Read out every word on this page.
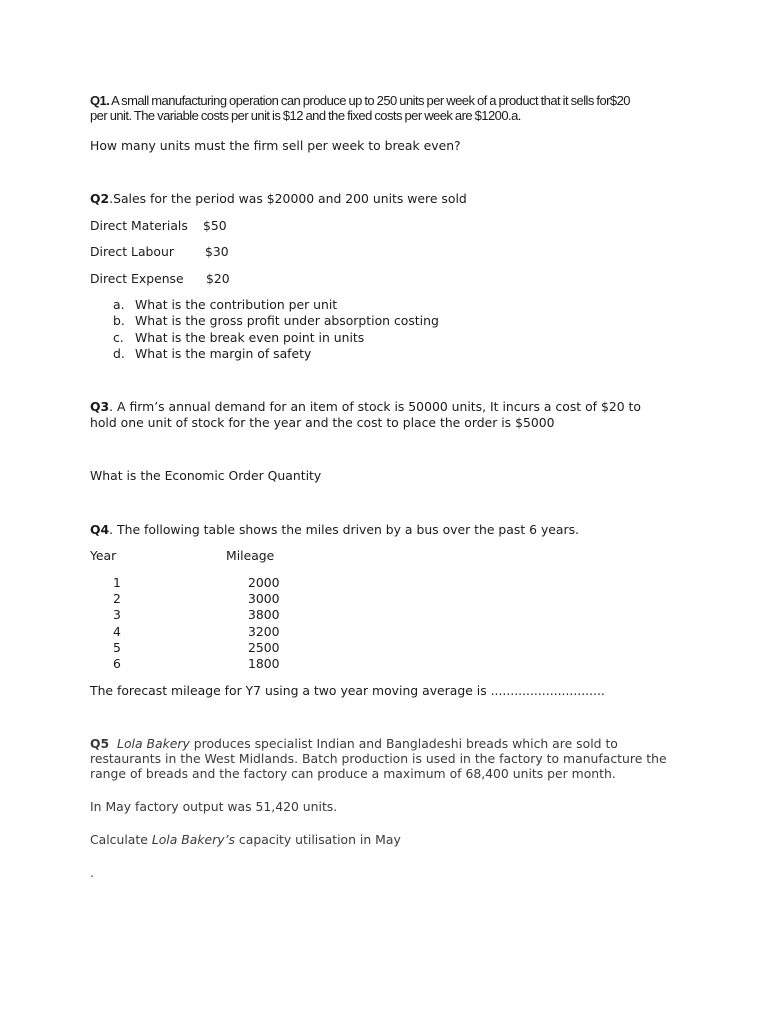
Q1. A small manufacturing operation can produce up to 250 units per week of a product that it sells for$20
per unit. The variable costs per unit is $12 and the fixed costs per week are $1200.a.
How many units must the firm sell per week to break even?
Q2.Sales for the period was $20000 and 200 units were sold
Direct Materials $50
Direct Labour	$30
Direct Expense $20
a. What is the contribution per unit
b. What is the gross profit under absorption costing
c. What is the break even point in units
d. What is the margin of safety
Q3. A firm’s annual demand for an item of stock is 50000 units, It incurs a cost of $20 to
hold one unit of stock for the year and the cost to place the order is $5000
What is the Economic Order Quantity
Q4. The following table shows the miles driven by a bus over the past 6 years.
Year	Mileage
1	2000
2	3000
3	3800
4	3200
5	2500
6	1800
The forecast mileage for Y7 using a two year moving average is .............................
Q5 Lola Bakery produces specialist Indian and Bangladeshi breads which are sold to
restaurants in the West Midlands. Batch production is used in the factory to manufacture the
range of breads and the factory can produce a maximum of 68,400 units per month.
In May factory output was 51,420 units.
Calculate Lola Bakery’s capacity utilisation in May
.
